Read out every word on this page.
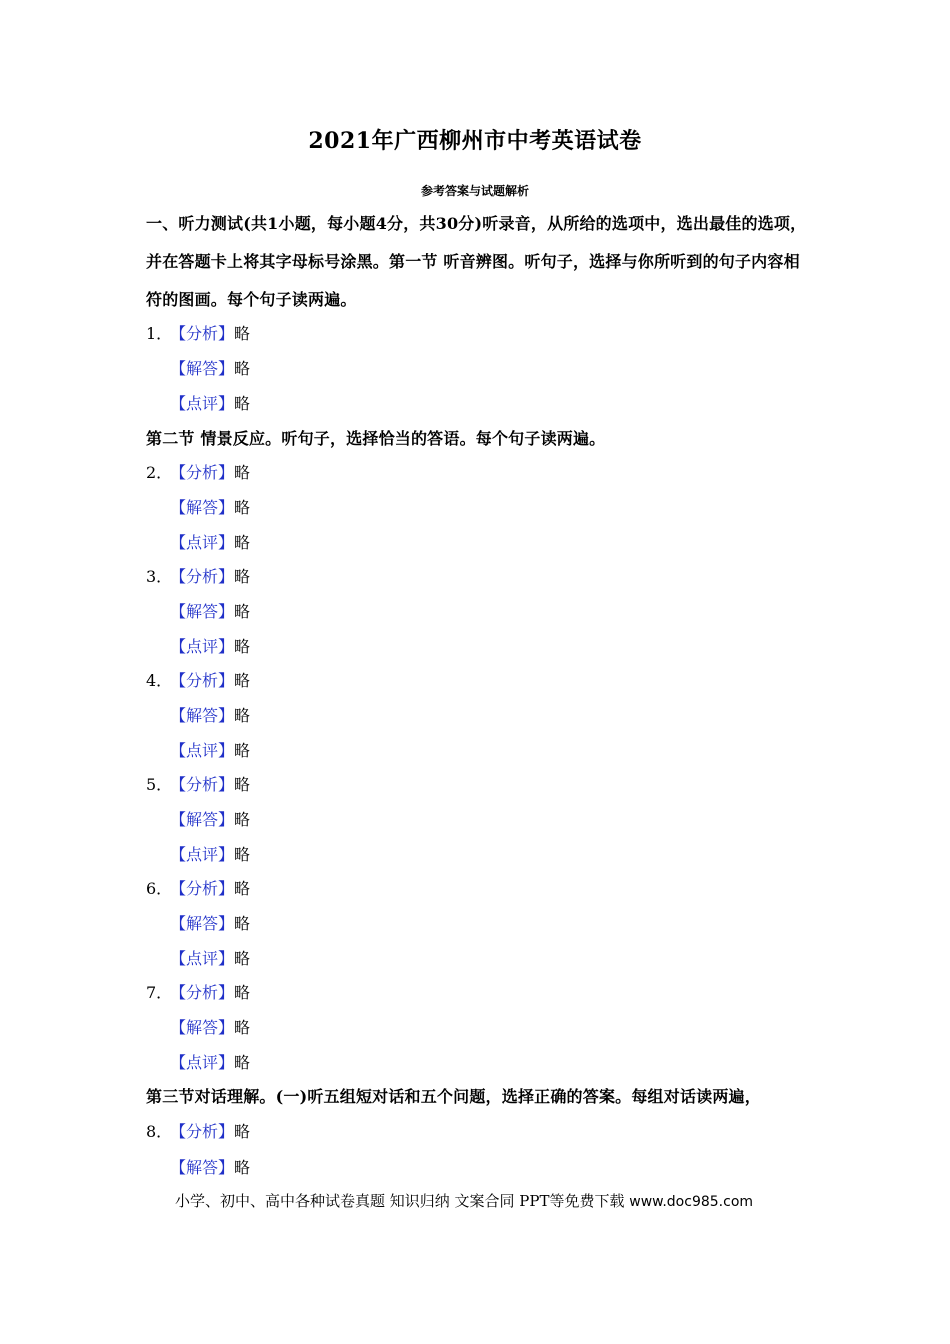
2021年广西柳州市中考英语试卷
参考答案与试题解析
一、听力测试(共1小题，每小题4分，共30分)听录音，从所给的选项中，选出最佳的选项，并在答题卡上将其字母标号涂黑。第一节 听音辨图。听句子，选择与你所听到的句子内容相符的图画。每个句子读两遍。
1．【分析】略
【解答】略
【点评】略
第二节 情景反应。听句子，选择恰当的答语。每个句子读两遍。
2．【分析】略
【解答】略
【点评】略
3．【分析】略
【解答】略
【点评】略
4．【分析】略
【解答】略
【点评】略
5．【分析】略
【解答】略
【点评】略
6．【分析】略
【解答】略
【点评】略
7．【分析】略
【解答】略
【点评】略
第三节对话理解。(一)听五组短对话和五个问题，选择正确的答案。每组对话读两遍，
8．【分析】略
【解答】略
小学、初中、高中各种试卷真题 知识归纳 文案合同 PPT等免费下载 www.doc985.com
